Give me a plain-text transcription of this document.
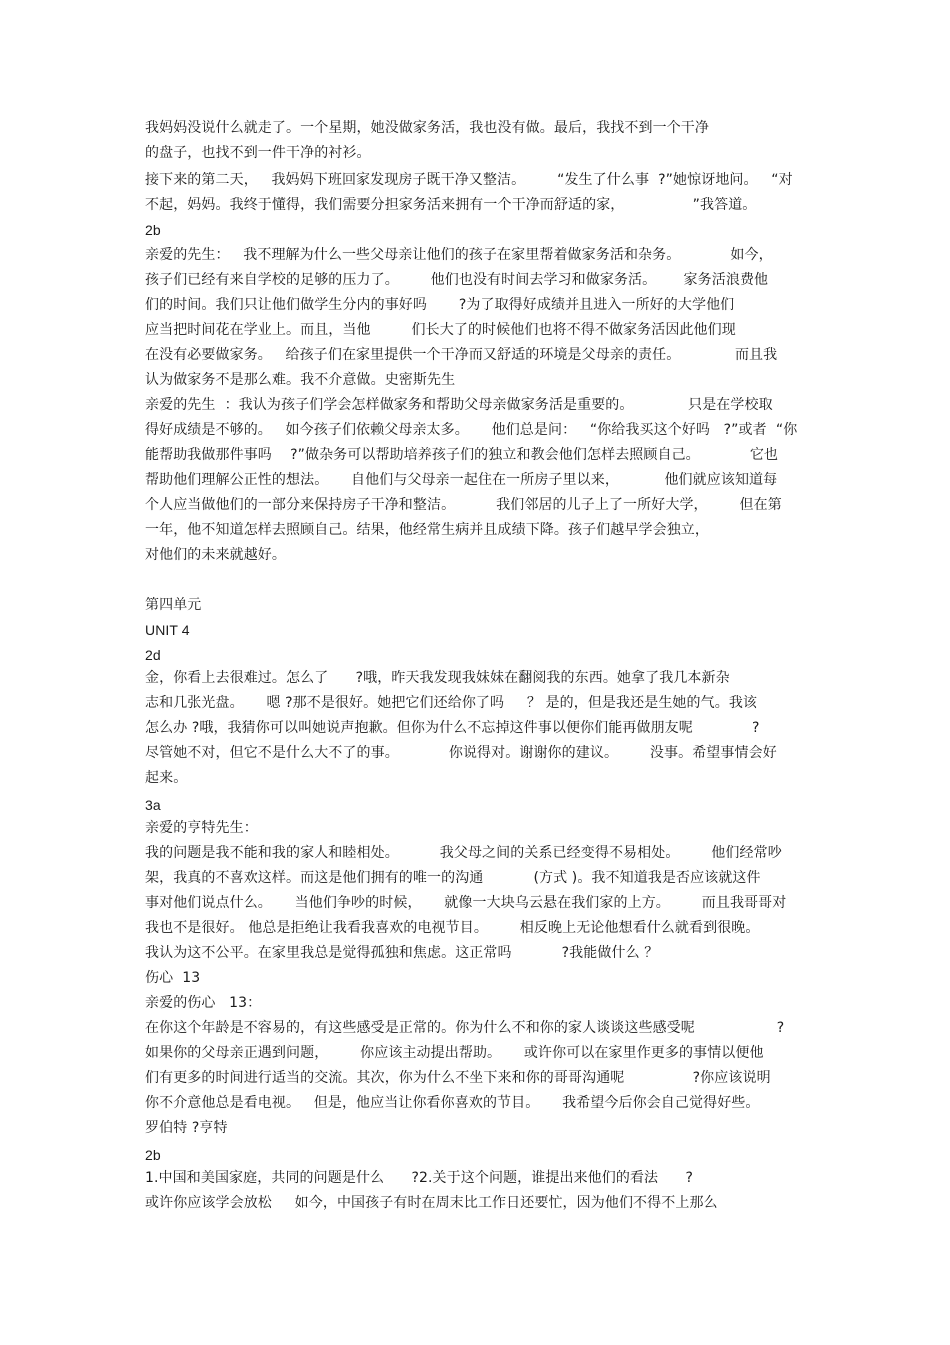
我妈妈没说什么就走了。一个星期，她没做家务活，我也没有做。最后，我找不到一个干净

的盘子，也找不到一件干净的衬衫。

接下来的第二天，   我妈妈下班回家发现房子既干净又整洁。       “发生了什么事  ?”她惊讶地问。   “对

不起，妈妈。我终于懂得，我们需要分担家务活来拥有一个干净而舒适的家，               ”我答道。

2b

亲爱的先生：   我不理解为什么一些父母亲让他们的孩子在家里帮着做家务活和杂务。           如今，

孩子们已经有来自学校的足够的压力了。       他们也没有时间去学习和做家务活。      家务活浪费他

们的时间。我们只让他们做学生分内的事好吗       ?为了取得好成绩并且进入一所好的大学他们

应当把时间花在学业上。而且，当他         们长大了的时候他们也将不得不做家务活因此他们现

在没有必要做家务。   给孩子们在家里提供一个干净而又舒适的环境是父母亲的责任。            而且我

认为做家务不是那么难。我不介意做。史密斯先生

亲爱的先生  ：我认为孩子们学会怎样做家务和帮助父母亲做家务活是重要的。            只是在学校取

得好成绩是不够的。   如今孩子们依赖父母亲太多。     他们总是问：   “你给我买这个好吗   ?”或者  “你

能帮助我做那件事吗    ?”做杂务可以帮助培养孩子们的独立和教会他们怎样去照顾自己。           它也

帮助他们理解公正性的想法。     自他们与父母亲一起住在一所房子里以来，          他们就应该知道每

个人应当做他们的一部分来保持房子干净和整洁。         我们邻居的儿子上了一所好大学，       但在第

一年，他不知道怎样去照顾自己。结果，他经常生病并且成绩下降。孩子们越早学会独立，

对他们的未来就越好。

第四单元

UNIT 4

2d

金，你看上去很难过。怎么了      ?哦，昨天我发现我妹妹在翻阅我的东西。她拿了我几本新杂

志和几张光盘。     嗯 ?那不是很好。她把它们还给你了吗     ？ 是的，但是我还是生她的气。我该

怎么办 ?哦，我猜你可以叫她说声抱歉。但你为什么不忘掉这件事以便你们能再做朋友呢             ?

尽管她不对，但它不是什么大不了的事。           你说得对。谢谢你的建议。       没事。希望事情会好

起来。

3a

亲爱的亨特先生：

我的问题是我不能和我的家人和睦相处。         我父母之间的关系已经变得不易相处。       他们经常吵

架，我真的不喜欢这样。而这是他们拥有的唯一的沟通           (方式 )。我不知道我是否应该就这件

事对他们说点什么。     当他们争吵的时候，     就像一大块乌云悬在我们家的上方。       而且我哥哥对

我也不是很好。 他总是拒绝让我看我喜欢的电视节目。       相反晚上无论他想看什么就看到很晚。

我认为这不公平。在家里我总是觉得孤独和焦虑。这正常吗           ?我能做什么 ？

伤心  13

亲爱的伤心   13：

在你这个年龄是不容易的，有这些感受是正常的。你为什么不和你的家人谈谈这些感受呢                  ?

如果你的父母亲正遇到问题，       你应该主动提出帮助。     或许你可以在家里作更多的事情以便他

们有更多的时间进行适当的交流。其次，你为什么不坐下来和你的哥哥沟通呢               ?你应该说明

你不介意他总是看电视。   但是，他应当让你看你喜欢的节目。     我希望今后你会自己觉得好些。

罗伯特 ?亨特

2b

1.中国和美国家庭，共同的问题是什么      ?2.关于这个问题，谁提出来他们的看法      ?

或许你应该学会放松     如今，中国孩子有时在周末比工作日还要忙，因为他们不得不上那么
